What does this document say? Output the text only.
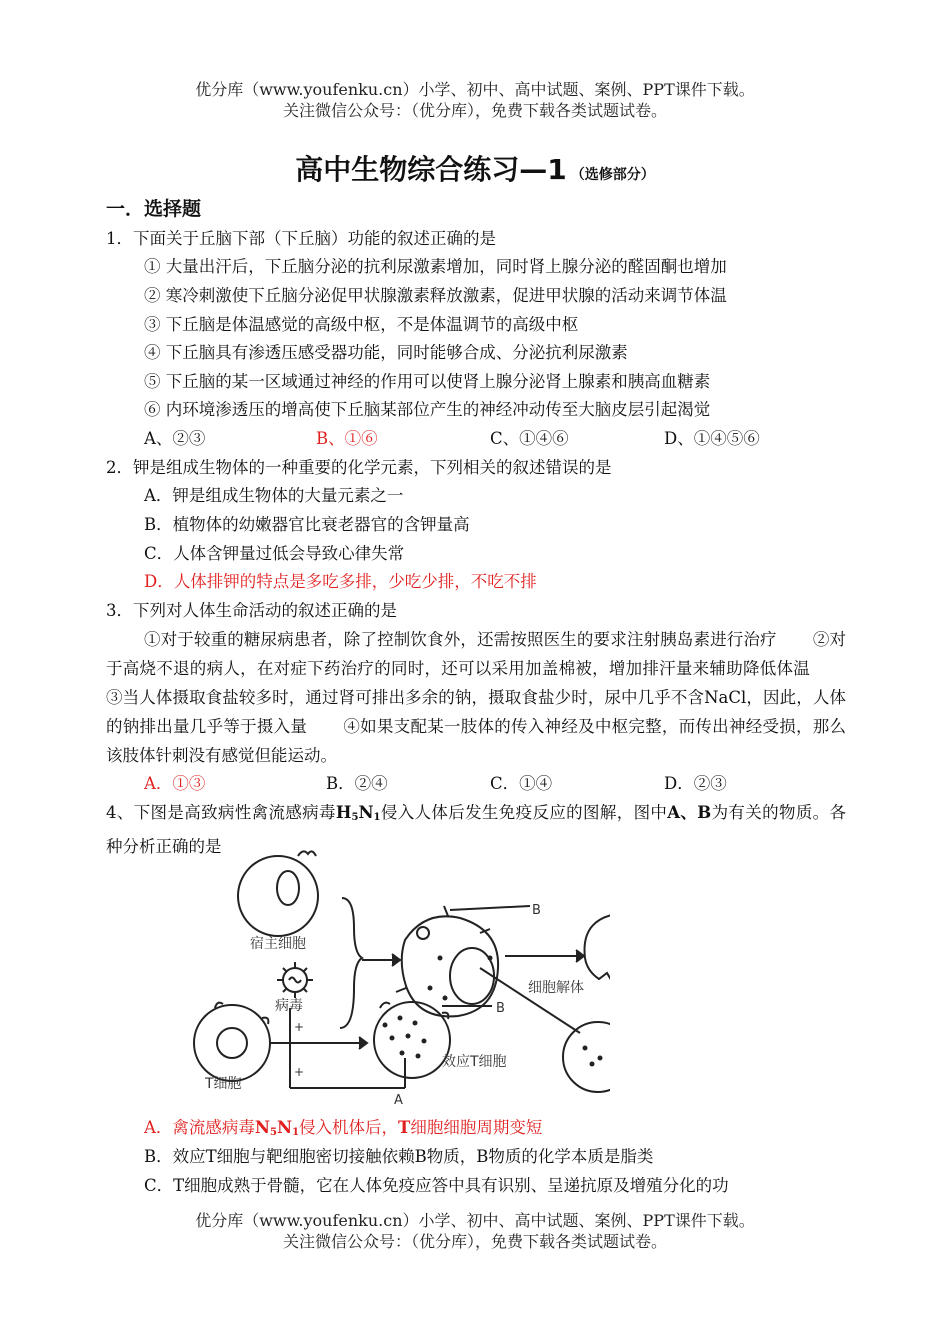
优分库（www.youfenku.cn）小学、初中、高中试题、案例、PPT课件下载。
关注微信公众号：（优分库），免费下载各类试题试卷。
高中生物综合练习—1 （选修部分）
一．选择题
1．下面关于丘脑下部（下丘脑）功能的叙述正确的是
① 大量出汗后，下丘脑分泌的抗利尿激素增加，同时肾上腺分泌的醛固酮也增加
② 寒冷刺激使下丘脑分泌促甲状腺激素释放激素，促进甲状腺的活动来调节体温
③ 下丘脑是体温感觉的高级中枢，不是体温调节的高级中枢
④ 下丘脑具有渗透压感受器功能，同时能够合成、分泌抗利尿激素
⑤ 下丘脑的某一区域通过神经的作用可以使肾上腺分泌肾上腺素和胰高血糖素
⑥ 内环境渗透压的增高使下丘脑某部位产生的神经冲动传至大脑皮层引起渴觉
A、②③	B、①⑥	C、①④⑥	D、①④⑤⑥
2．钾是组成生物体的一种重要的化学元素，下列相关的叙述错误的是
A．钾是组成生物体的大量元素之一
B．植物体的幼嫩器官比衰老器官的含钾量高
C．人体含钾量过低会导致心律失常
D．人体排钾的特点是多吃多排，少吃少排，不吃不排
3．下列对人体生命活动的叙述正确的是
①对于较重的糖尿病患者，除了控制饮食外，还需按照医生的要求注射胰岛素进行治疗 ②对于高烧不退的病人，在对症下药治疗的同时，还可以采用加盖棉被，增加排汗量来辅助降低体温③当人体摄取食盐较多时，通过肾可排出多余的钠，摄取食盐少时，尿中几乎不含NaCl，因此，人体的钠排出量几乎等于摄入量 ④如果支配某一肢体的传入神经及中枢完整，而传出神经受损，那么该肢体针刺没有感觉但能运动。
A．①③	B．②④	C．①④	D．②③
4、下图是高致病性禽流感病毒$H_5N_1$侵入人体后发生免疫反应的图解，图中A、B为有关的物质。各种分析正确的是
宿主细胞
病毒
T细胞
效应T细胞
细胞解体
B
B
A
+
+
A．禽流感病毒$N_5N_1$侵入机体后，T细胞细胞周期变短
B．效应T细胞与靶细胞密切接触依赖B物质，B物质的化学本质是脂类
C．T细胞成熟于骨髓，它在人体免疫应答中具有识别、呈递抗原及增殖分化的功
优分库（www.youfenku.cn）小学、初中、高中试题、案例、PPT课件下载。
关注微信公众号：（优分库），免费下载各类试题试卷。
